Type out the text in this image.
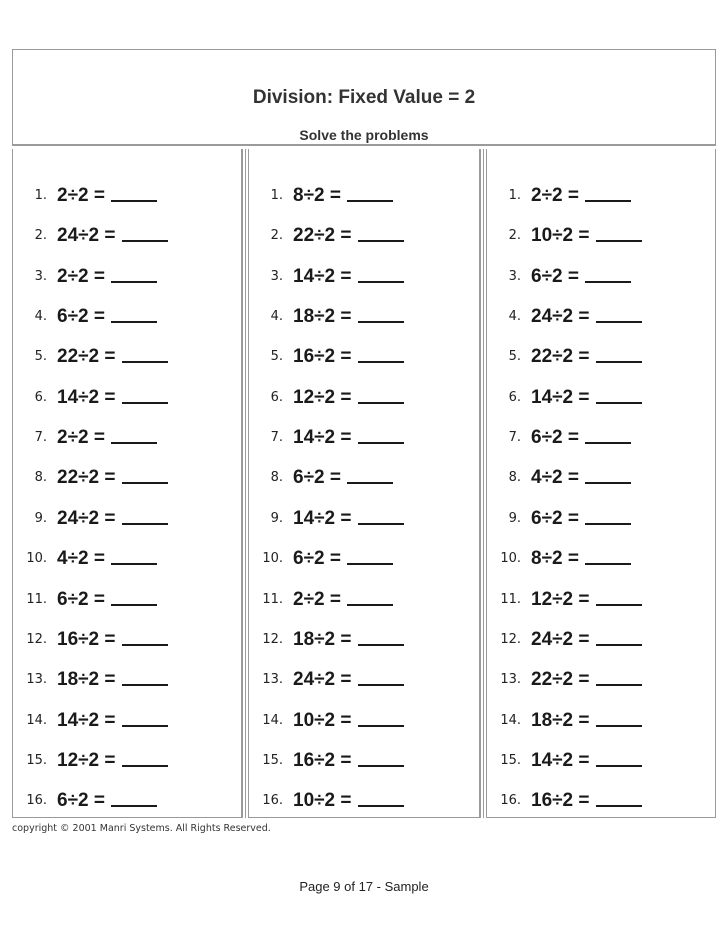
Division: Fixed Value = 2
Solve the problems
1. 2÷2 =
2. 24÷2 =
3. 2÷2 =
4. 6÷2 =
5. 22÷2 =
6. 14÷2 =
7. 2÷2 =
8. 22÷2 =
9. 24÷2 =
10. 4÷2 =
11. 6÷2 =
12. 16÷2 =
13. 18÷2 =
14. 14÷2 =
15. 12÷2 =
16. 6÷2 =
1. 8÷2 =
2. 22÷2 =
3. 14÷2 =
4. 18÷2 =
5. 16÷2 =
6. 12÷2 =
7. 14÷2 =
8. 6÷2 =
9. 14÷2 =
10. 6÷2 =
11. 2÷2 =
12. 18÷2 =
13. 24÷2 =
14. 10÷2 =
15. 16÷2 =
16. 10÷2 =
1. 2÷2 =
2. 10÷2 =
3. 6÷2 =
4. 24÷2 =
5. 22÷2 =
6. 14÷2 =
7. 6÷2 =
8. 4÷2 =
9. 6÷2 =
10. 8÷2 =
11. 12÷2 =
12. 24÷2 =
13. 22÷2 =
14. 18÷2 =
15. 14÷2 =
16. 16÷2 =
copyright © 2001 Manri Systems. All Rights Reserved.
Page 9 of 17 - Sample
